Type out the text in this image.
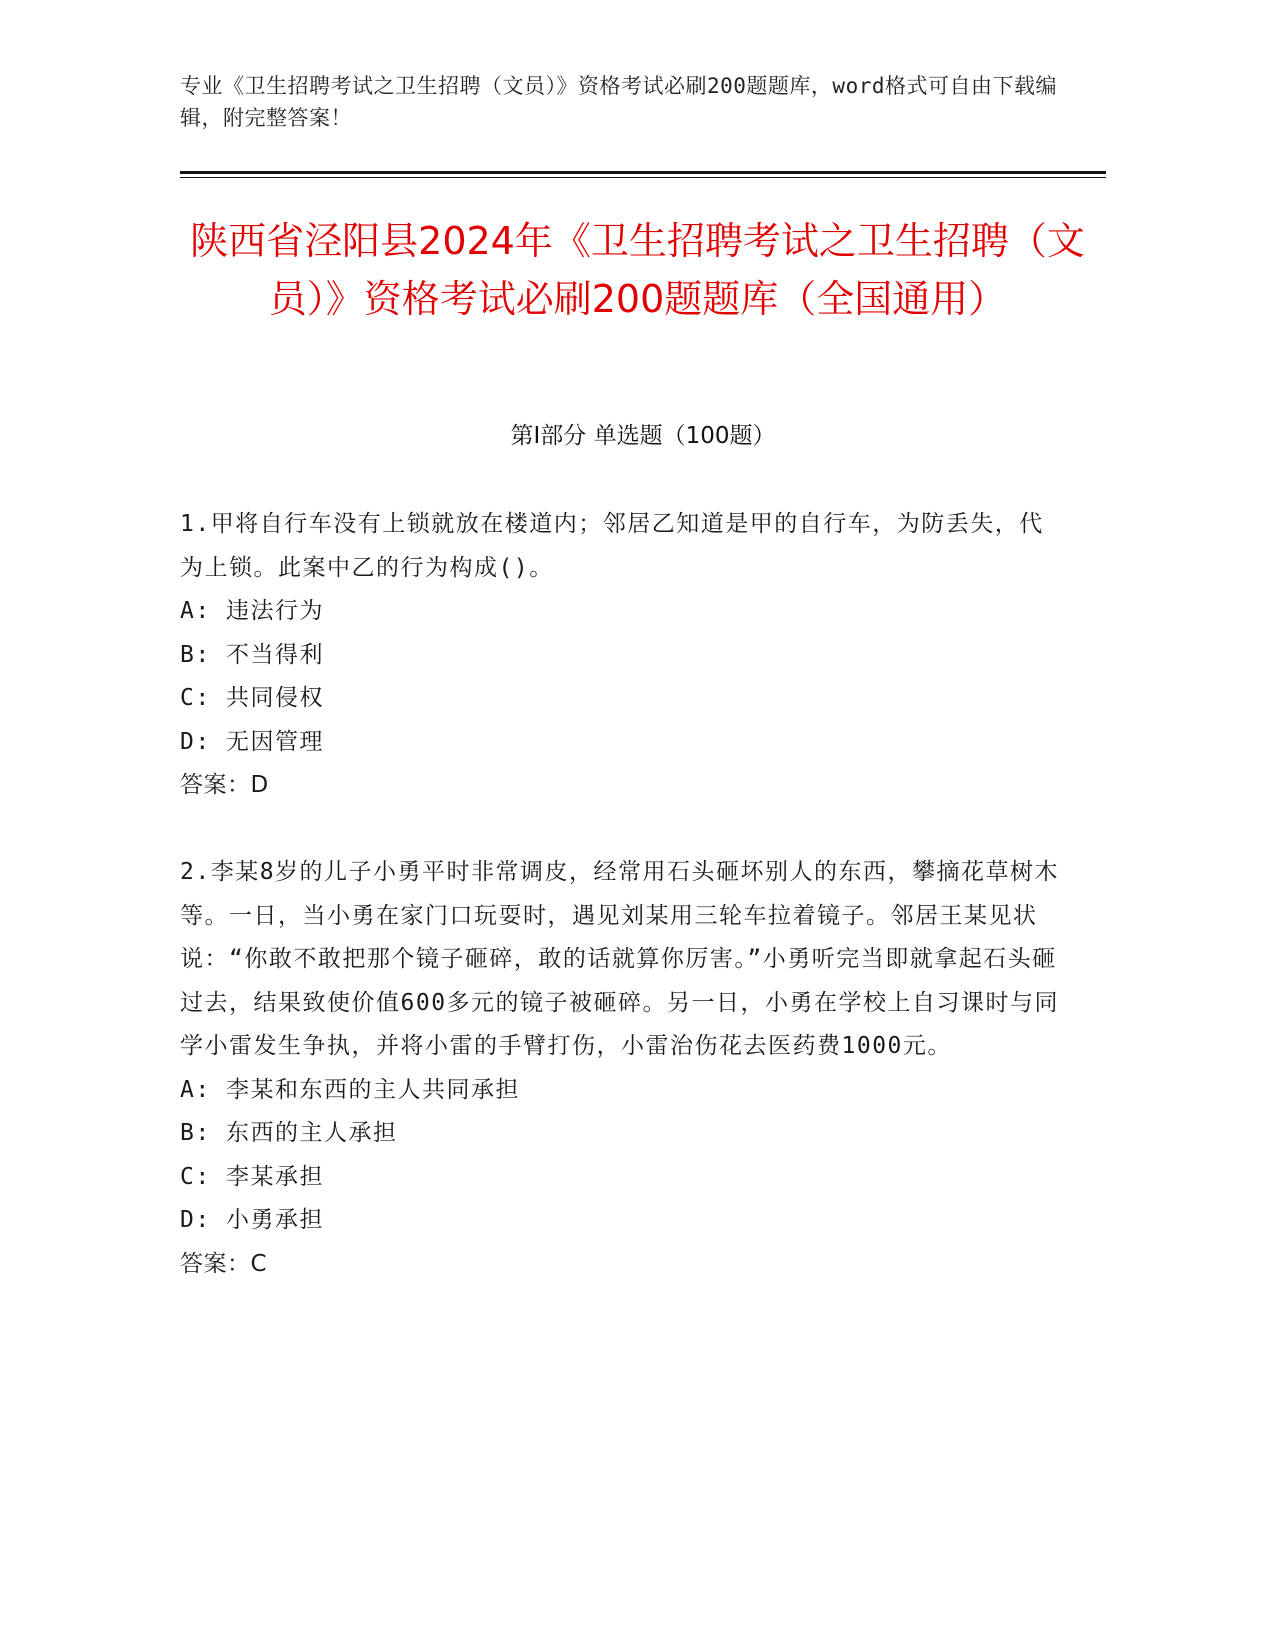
专业《卫生招聘考试之卫生招聘（文员）》资格考试必刷200题题库，word格式可自由下载编辑，附完整答案！
陕西省泾阳县2024年《卫生招聘考试之卫生招聘（文员）》资格考试必刷200题题库（全国通用）
第I部分 单选题（100题）
1.甲将自行车没有上锁就放在楼道内；邻居乙知道是甲的自行车，为防丢失，代为上锁。此案中乙的行为构成()。
A: 违法行为
B: 不当得利
C: 共同侵权
D: 无因管理
答案：D
2.李某8岁的儿子小勇平时非常调皮，经常用石头砸坏别人的东西，攀摘花草树木等。一日，当小勇在家门口玩耍时，遇见刘某用三轮车拉着镜子。邻居王某见状说：“你敢不敢把那个镜子砸碎，敢的话就算你厉害。”小勇听完当即就拿起石头砸过去，结果致使价值600多元的镜子被砸碎。另一日，小勇在学校上自习课时与同学小雷发生争执，并将小雷的手臂打伤，小雷治伤花去医药费1000元。
A: 李某和东西的主人共同承担
B: 东西的主人承担
C: 李某承担
D: 小勇承担
答案：C
